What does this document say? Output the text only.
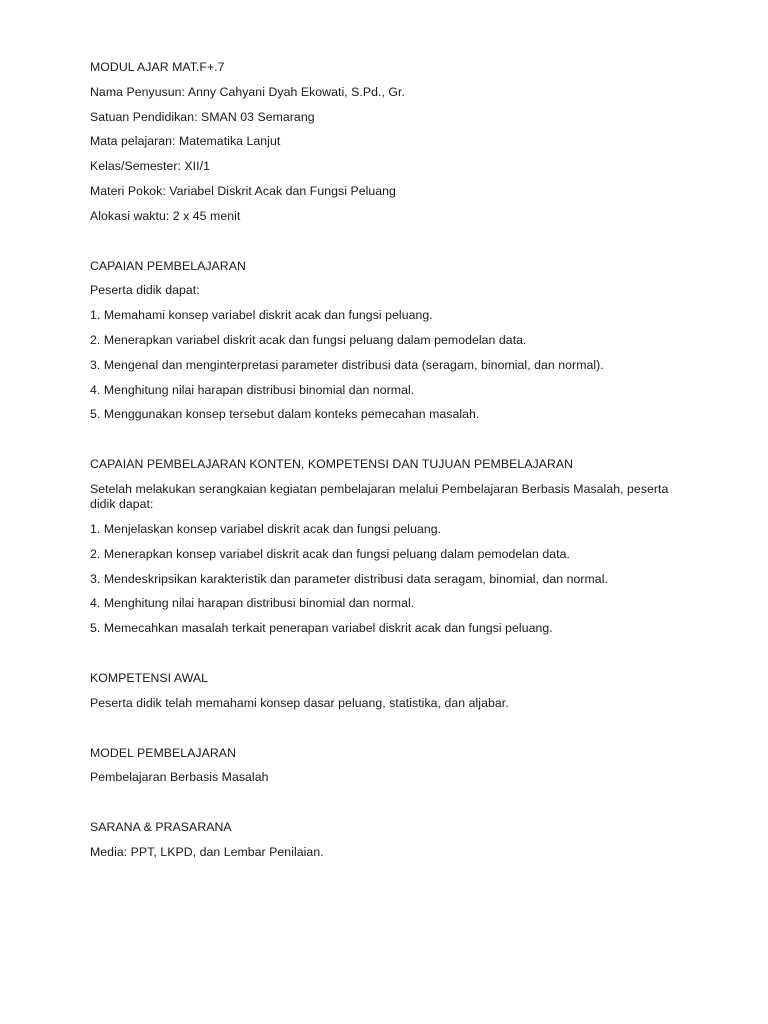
MODUL AJAR MAT.F+.7
Nama Penyusun: Anny Cahyani Dyah Ekowati, S.Pd., Gr.
Satuan Pendidikan: SMAN 03 Semarang
Mata pelajaran: Matematika Lanjut
Kelas/Semester: XII/1
Materi Pokok: Variabel Diskrit Acak dan Fungsi Peluang
Alokasi waktu: 2 x 45 menit
CAPAIAN PEMBELAJARAN
Peserta didik dapat:
1. Memahami konsep variabel diskrit acak dan fungsi peluang.
2. Menerapkan variabel diskrit acak dan fungsi peluang dalam pemodelan data.
3. Mengenal dan menginterpretasi parameter distribusi data (seragam, binomial, dan normal).
4. Menghitung nilai harapan distribusi binomial dan normal.
5. Menggunakan konsep tersebut dalam konteks pemecahan masalah.
CAPAIAN PEMBELAJARAN KONTEN, KOMPETENSI DAN TUJUAN PEMBELAJARAN
Setelah melakukan serangkaian kegiatan pembelajaran melalui Pembelajaran Berbasis Masalah, peserta didik dapat:
1. Menjelaskan konsep variabel diskrit acak dan fungsi peluang.
2. Menerapkan konsep variabel diskrit acak dan fungsi peluang dalam pemodelan data.
3. Mendeskripsikan karakteristik dan parameter distribusi data seragam, binomial, dan normal.
4. Menghitung nilai harapan distribusi binomial dan normal.
5. Memecahkan masalah terkait penerapan variabel diskrit acak dan fungsi peluang.
KOMPETENSI AWAL
Peserta didik telah memahami konsep dasar peluang, statistika, dan aljabar.
MODEL PEMBELAJARAN
Pembelajaran Berbasis Masalah
SARANA & PRASARANA
Media: PPT, LKPD, dan Lembar Penilaian.
